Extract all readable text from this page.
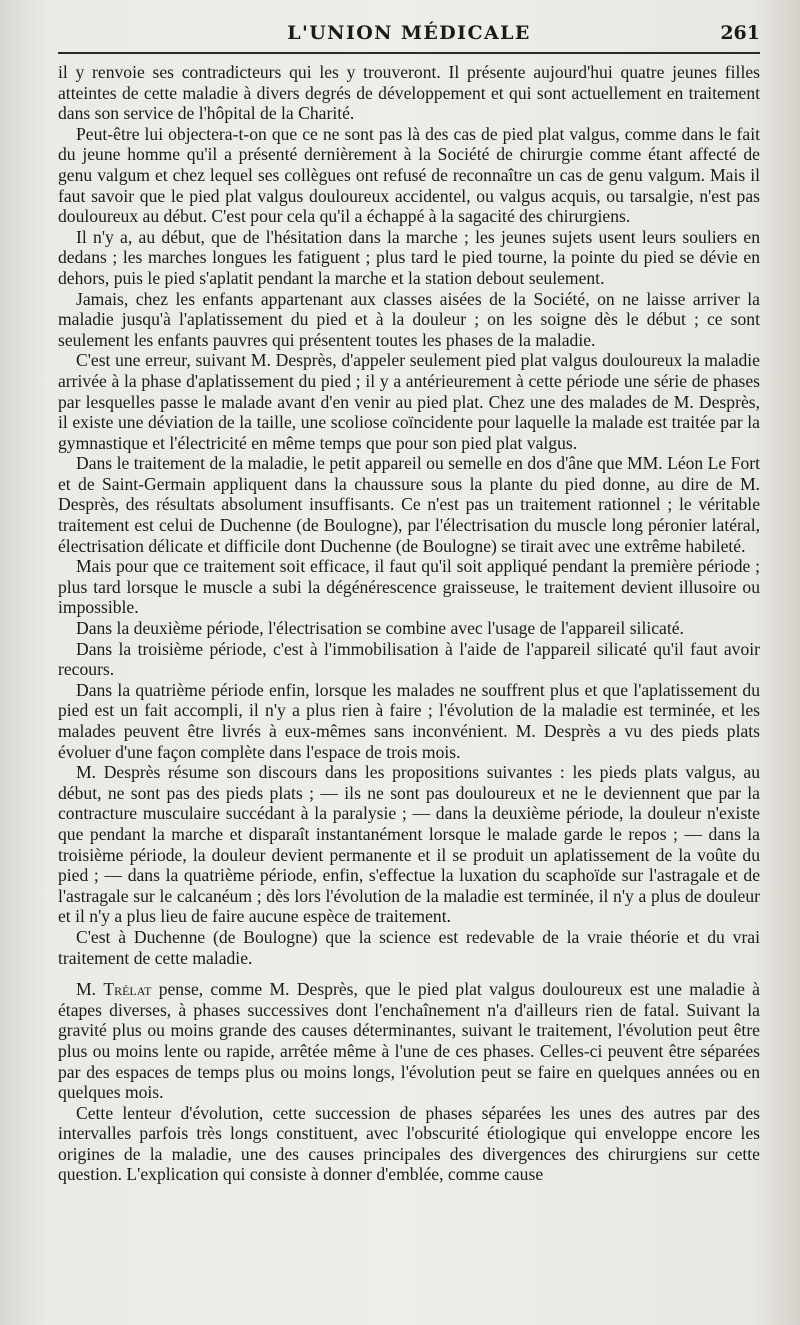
L'UNION MÉDICALE	261

il y renvoie ses contradicteurs qui les y trouveront. Il présente aujourd'hui quatre jeunes filles atteintes de cette maladie à divers degrés de développement et qui sont actuellement en traitement dans son service de l'hôpital de la Charité.

Peut-être lui objectera-t-on que ce ne sont pas là des cas de pied plat valgus, comme dans le fait du jeune homme qu'il a présenté dernièrement à la Société de chirurgie comme étant affecté de genu valgum et chez lequel ses collègues ont refusé de reconnaître un cas de genu valgum. Mais il faut savoir que le pied plat valgus douloureux accidentel, ou valgus acquis, ou tarsalgie, n'est pas douloureux au début. C'est pour cela qu'il a échappé à la sagacité des chirurgiens.

Il n'y a, au début, que de l'hésitation dans la marche ; les jeunes sujets usent leurs souliers en dedans ; les marches longues les fatiguent ; plus tard le pied tourne, la pointe du pied se dévie en dehors, puis le pied s'aplatit pendant la marche et la station debout seulement.

Jamais, chez les enfants appartenant aux classes aisées de la Société, on ne laisse arriver la maladie jusqu'à l'aplatissement du pied et à la douleur ; on les soigne dès le début ; ce sont seulement les enfants pauvres qui présentent toutes les phases de la maladie.

C'est une erreur, suivant M. Desprès, d'appeler seulement pied plat valgus douloureux la maladie arrivée à la phase d'aplatissement du pied ; il y a antérieurement à cette période une série de phases par lesquelles passe le malade avant d'en venir au pied plat. Chez une des malades de M. Desprès, il existe une déviation de la taille, une scoliose coïncidente pour laquelle la malade est traitée par la gymnastique et l'électricité en même temps que pour son pied plat valgus.

Dans le traitement de la maladie, le petit appareil ou semelle en dos d'âne que MM. Léon Le Fort et de Saint-Germain appliquent dans la chaussure sous la plante du pied donne, au dire de M. Desprès, des résultats absolument insuffisants. Ce n'est pas un traitement rationnel ; le véritable traitement est celui de Duchenne (de Boulogne), par l'électrisation du muscle long péronier latéral, électrisation délicate et difficile dont Duchenne (de Boulogne) se tirait avec une extrême habileté.

Mais pour que ce traitement soit efficace, il faut qu'il soit appliqué pendant la première période ; plus tard lorsque le muscle a subi la dégénérescence graisseuse, le traitement devient illusoire ou impossible.

Dans la deuxième période, l'électrisation se combine avec l'usage de l'appareil silicaté.

Dans la troisième période, c'est à l'immobilisation à l'aide de l'appareil silicaté qu'il faut avoir recours.

Dans la quatrième période enfin, lorsque les malades ne souffrent plus et que l'aplatissement du pied est un fait accompli, il n'y a plus rien à faire ; l'évolution de la maladie est terminée, et les malades peuvent être livrés à eux-mêmes sans inconvénient. M. Desprès a vu des pieds plats évoluer d'une façon complète dans l'espace de trois mois.

M. Desprès résume son discours dans les propositions suivantes : les pieds plats valgus, au début, ne sont pas des pieds plats ; — ils ne sont pas douloureux et ne le deviennent que par la contracture musculaire succédant à la paralysie ; — dans la deuxième période, la douleur n'existe que pendant la marche et disparaît instantanément lorsque le malade garde le repos ; — dans la troisième période, la douleur devient permanente et il se produit un aplatissement de la voûte du pied ; — dans la quatrième période, enfin, s'effectue la luxation du scaphoïde sur l'astragale et de l'astragale sur le calcanéum ; dès lors l'évolution de la maladie est terminée, il n'y a plus de douleur et il n'y a plus lieu de faire aucune espèce de traitement.

C'est à Duchenne (de Boulogne) que la science est redevable de la vraie théorie et du vrai traitement de cette maladie.

M. Trélat pense, comme M. Desprès, que le pied plat valgus douloureux est une maladie à étapes diverses, à phases successives dont l'enchaînement n'a d'ailleurs rien de fatal. Suivant la gravité plus ou moins grande des causes déterminantes, suivant le traitement, l'évolution peut être plus ou moins lente ou rapide, arrêtée même à l'une de ces phases. Celles-ci peuvent être séparées par des espaces de temps plus ou moins longs, l'évolution peut se faire en quelques années ou en quelques mois.

Cette lenteur d'évolution, cette succession de phases séparées les unes des autres par des intervalles parfois très longs constituent, avec l'obscurité étiologique qui enveloppe encore les origines de la maladie, une des causes principales des divergences des chirurgiens sur cette question. L'explication qui consiste à donner d'emblée, comme cause
